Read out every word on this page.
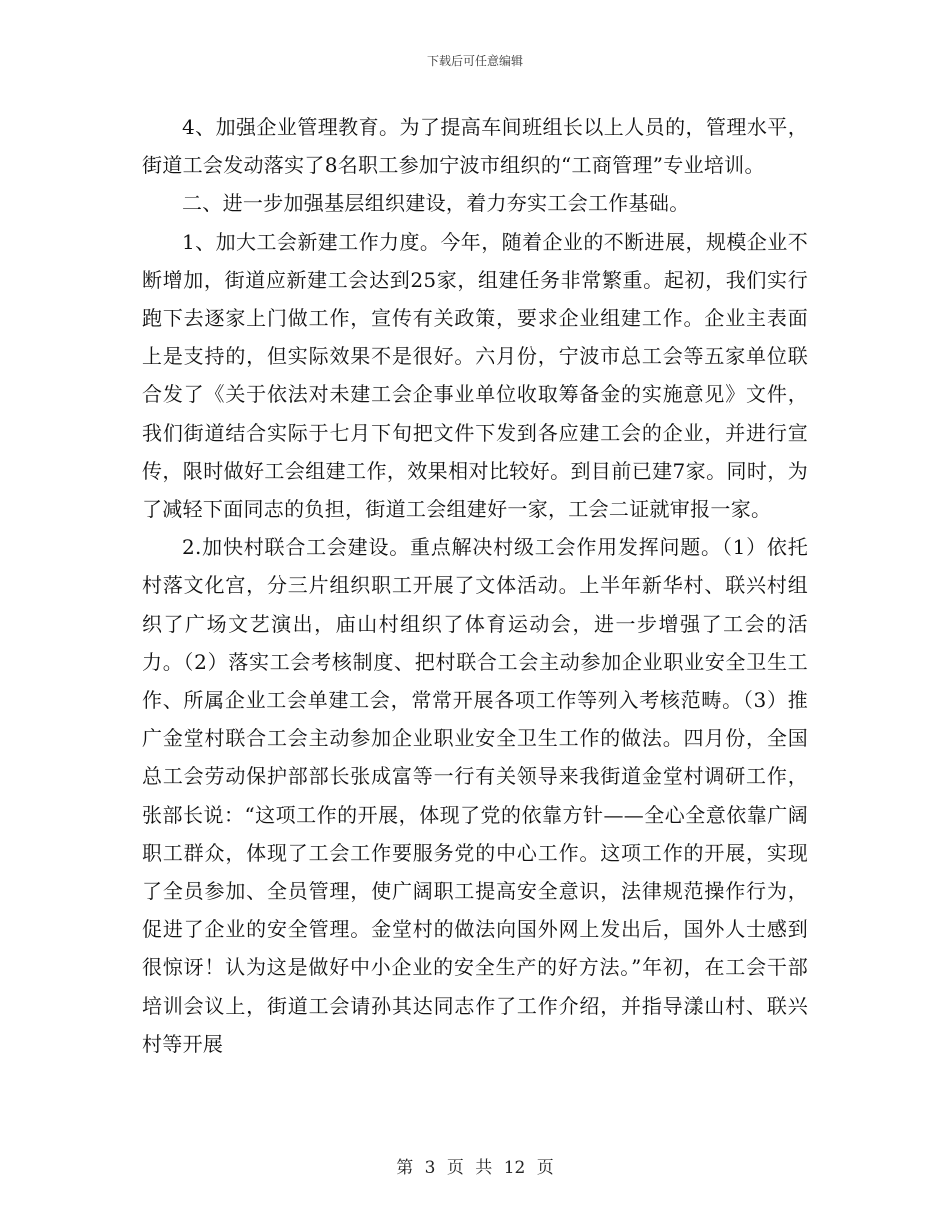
下载后可任意编辑

4、加强企业管理教育。为了提高车间班组长以上人员的，管理水平，街道工会发动落实了8名职工参加宁波市组织的“工商管理”专业培训。

二、进一步加强基层组织建设，着力夯实工会工作基础。

1、加大工会新建工作力度。今年，随着企业的不断进展，规模企业不断增加，街道应新建工会达到25家，组建任务非常繁重。起初，我们实行跑下去逐家上门做工作，宣传有关政策，要求企业组建工作。企业主表面上是支持的，但实际效果不是很好。六月份，宁波市总工会等五家单位联合发了《关于依法对未建工会企事业单位收取筹备金的实施意见》文件，我们街道结合实际于七月下旬把文件下发到各应建工会的企业，并进行宣传，限时做好工会组建工作，效果相对比较好。到目前已建7家。同时，为了减轻下面同志的负担，街道工会组建好一家，工会二证就审报一家。

2.加快村联合工会建设。重点解决村级工会作用发挥问题。（1）依托村落文化宫，分三片组织职工开展了文体活动。上半年新华村、联兴村组织了广场文艺演出，庙山村组织了体育运动会，进一步增强了工会的活力。（2）落实工会考核制度、把村联合工会主动参加企业职业安全卫生工作、所属企业工会单建工会，常常开展各项工作等列入考核范畴。（3）推广金堂村联合工会主动参加企业职业安全卫生工作的做法。四月份，全国总工会劳动保护部部长张成富等一行有关领导来我街道金堂村调研工作，张部长说：“这项工作的开展，体现了党的依靠方针——全心全意依靠广阔职工群众，体现了工会工作要服务党的中心工作。这项工作的开展，实现了全员参加、全员管理，使广阔职工提高安全意识，法律规范操作行为，促进了企业的安全管理。金堂村的做法向国外网上发出后，国外人士感到很惊讶！认为这是做好中小企业的安全生产的好方法。”年初，在工会干部培训会议上，街道工会请孙其达同志作了工作介绍，并指导漾山村、联兴村等开展

第 3 页 共 12 页
